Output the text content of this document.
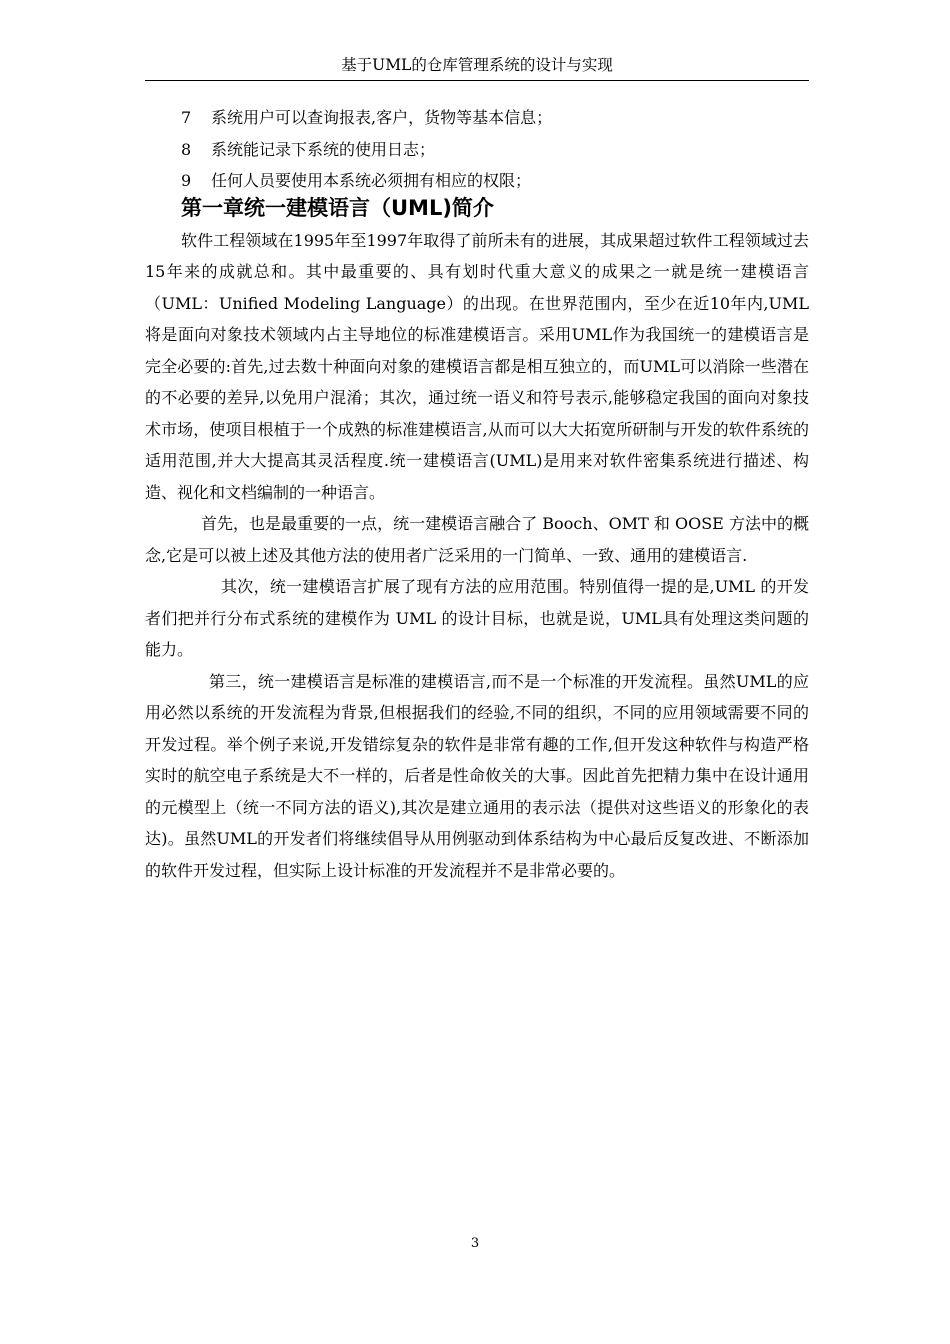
基于UML的仓库管理系统的设计与实现
7 系统用户可以查询报表,客户，货物等基本信息；
8 系统能记录下系统的使用日志；
9 任何人员要使用本系统必须拥有相应的权限；
第一章统一建模语言（UML)简介

软件工程领域在1995年至1997年取得了前所未有的进展，其成果超过软件工程领域过去15年来的成就总和。其中最重要的、具有划时代重大意义的成果之一就是统一建模语言（UML：Unified Modeling Language）的出现。在世界范围内，至少在近10年内,UML将是面向对象技术领域内占主导地位的标准建模语言。采用UML作为我国统一的建模语言是完全必要的:首先,过去数十种面向对象的建模语言都是相互独立的，而UML可以消除一些潜在的不必要的差异,以免用户混淆；其次，通过统一语义和符号表示,能够稳定我国的面向对象技术市场，使项目根植于一个成熟的标准建模语言,从而可以大大拓宽所研制与开发的软件系统的适用范围,并大大提高其灵活程度.统一建模语言(UML)是用来对软件密集系统进行描述、构造、视化和文档编制的一种语言。

首先，也是最重要的一点，统一建模语言融合了 Booch、OMT 和 OOSE 方法中的概念,它是可以被上述及其他方法的使用者广泛采用的一门简单、一致、通用的建模语言.

其次，统一建模语言扩展了现有方法的应用范围。特别值得一提的是,UML 的开发者们把并行分布式系统的建模作为 UML 的设计目标，也就是说，UML具有处理这类问题的能力。

第三，统一建模语言是标准的建模语言,而不是一个标准的开发流程。虽然UML的应用必然以系统的开发流程为背景,但根据我们的经验,不同的组织，不同的应用领域需要不同的开发过程。举个例子来说,开发错综复杂的软件是非常有趣的工作,但开发这种软件与构造严格实时的航空电子系统是大不一样的，后者是性命攸关的大事。因此首先把精力集中在设计通用的元模型上（统一不同方法的语义),其次是建立通用的表示法（提供对这些语义的形象化的表达)。虽然UML的开发者们将继续倡导从用例驱动到体系结构为中心最后反复改进、不断添加的软件开发过程，但实际上设计标准的开发流程并不是非常必要的。

3
